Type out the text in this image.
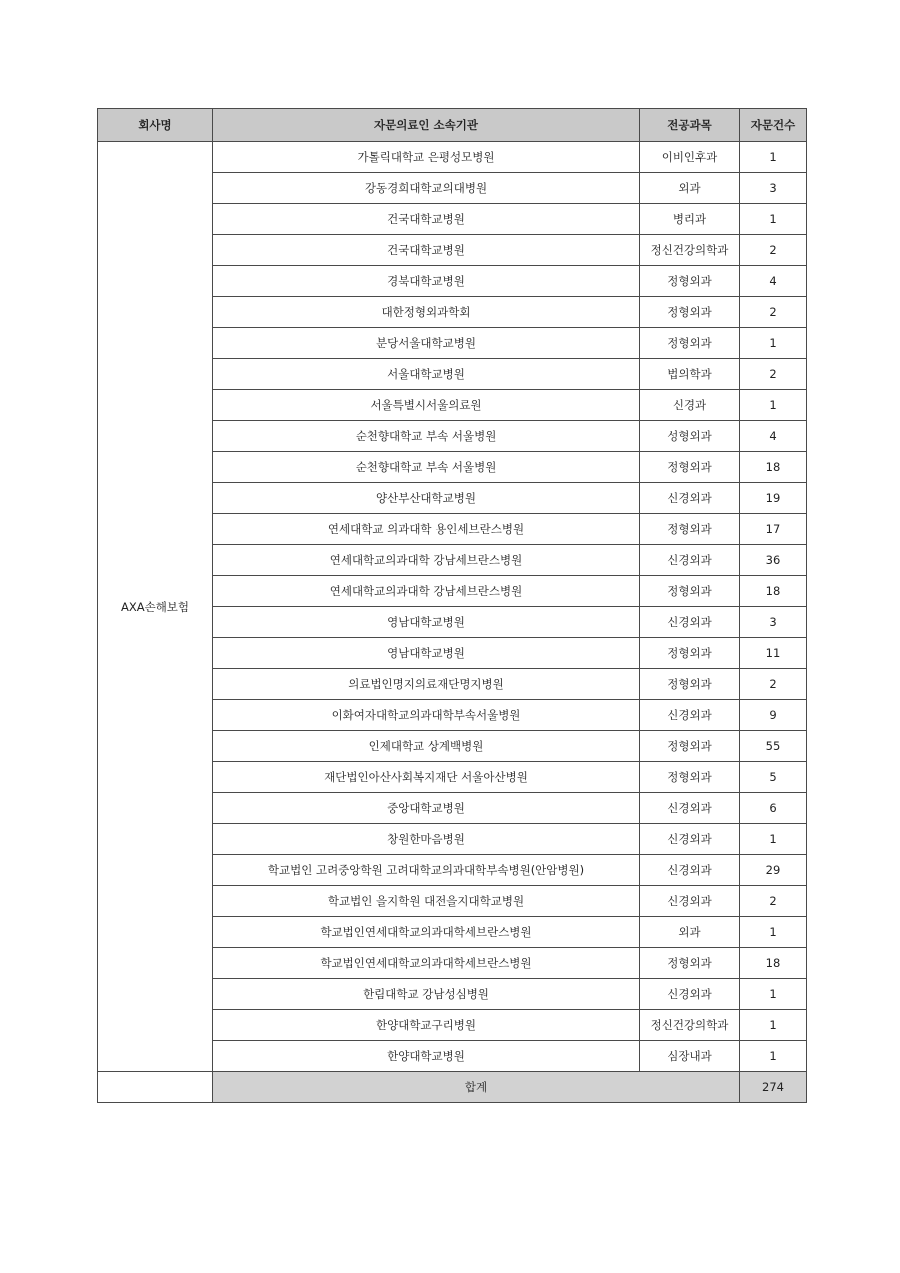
회사명	자문의료인 소속기관	전공과목	자문건수
AXA손해보험	가톨릭대학교 은평성모병원	이비인후과	1
	강동경희대학교의대병원	외과	3
	건국대학교병원	병리과	1
	건국대학교병원	정신건강의학과	2
	경북대학교병원	정형외과	4
	대한정형외과학회	정형외과	2
	분당서울대학교병원	정형외과	1
	서울대학교병원	법의학과	2
	서울특별시서울의료원	신경과	1
	순천향대학교 부속 서울병원	성형외과	4
	순천향대학교 부속 서울병원	정형외과	18
	양산부산대학교병원	신경외과	19
	연세대학교 의과대학 용인세브란스병원	정형외과	17
	연세대학교의과대학 강남세브란스병원	신경외과	36
	연세대학교의과대학 강남세브란스병원	정형외과	18
	영남대학교병원	신경외과	3
	영남대학교병원	정형외과	11
	의료법인명지의료재단명지병원	정형외과	2
	이화여자대학교의과대학부속서울병원	신경외과	9
	인제대학교 상계백병원	정형외과	55
	재단법인아산사회복지재단 서울아산병원	정형외과	5
	중앙대학교병원	신경외과	6
	창원한마음병원	신경외과	1
	학교법인 고려중앙학원 고려대학교의과대학부속병원(안암병원)	신경외과	29
	학교법인 을지학원 대전을지대학교병원	신경외과	2
	학교법인연세대학교의과대학세브란스병원	외과	1
	학교법인연세대학교의과대학세브란스병원	정형외과	18
	한림대학교 강남성심병원	신경외과	1
	한양대학교구리병원	정신건강의학과	1
	한양대학교병원	심장내과	1
	합계		274
